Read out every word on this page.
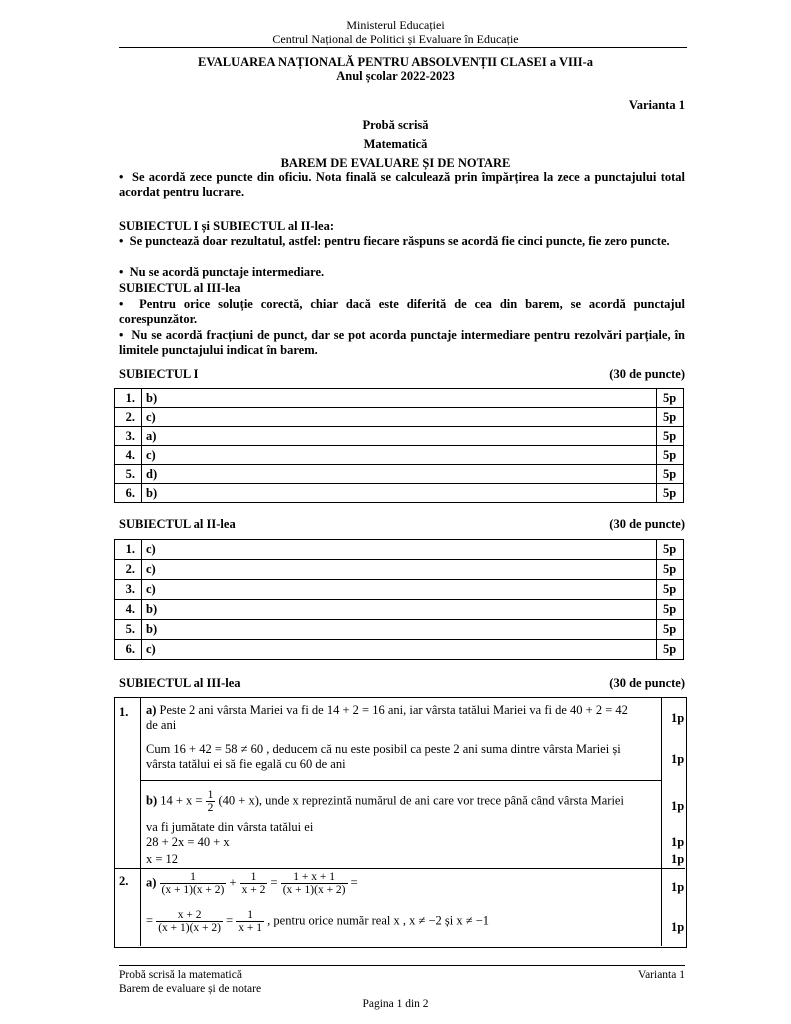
Ministerul Educației
Centrul Național de Politici și Evaluare în Educație
EVALUAREA NAȚIONALĂ PENTRU ABSOLVENȚII CLASEI a VIII-a
Anul școlar 2022-2023
Varianta 1
Probă scrisă
Matematică
BAREM DE EVALUARE ȘI DE NOTARE
•  Se acordă zece puncte din oficiu. Nota finală se calculează prin împărțirea la zece a punctajului total acordat pentru lucrare.
SUBIECTUL I și SUBIECTUL al II-lea:
•  Se punctează doar rezultatul, astfel: pentru fiecare răspuns se acordă fie cinci puncte, fie zero puncte.
•  Nu se acordă punctaje intermediare.
SUBIECTUL al III-lea
•  Pentru orice soluție corectă, chiar dacă este diferită de cea din barem, se acordă punctajul corespunzător.
•  Nu se acordă fracțiuni de punct, dar se pot acorda punctaje intermediare pentru rezolvări parțiale, în limitele punctajului indicat în barem.
SUBIECTUL I	(30 de puncte)
1.	b)	5p
2.	c)	5p
3.	a)	5p
4.	c)	5p
5.	d)	5p
6.	b)	5p
SUBIECTUL al II-lea	(30 de puncte)
1.	c)	5p
2.	c)	5p
3.	c)	5p
4.	b)	5p
5.	b)	5p
6.	c)	5p
SUBIECTUL al III-lea	(30 de puncte)
1. a) Peste 2 ani vârsta Mariei va fi de 14 + 2 = 16 ani, iar vârsta tatălui Mariei va fi de 40 + 2 = 42
de ani	1p
Cum 16 + 42 = 58 ≠ 60 , deducem că nu este posibil ca peste 2 ani suma dintre vârsta Mariei și
vârsta tatălui ei să fie egală cu 60 de ani	1p
b) $14 + x = \frac{1}{2} (40 + x)$, unde x reprezintă numărul de ani care vor trece până când vârsta Mariei
va fi jumătate din vârsta tatălui ei
1p
28 + 2x = 40 + x	1p
x = 12	1p
2. $a) \frac{1}{(x + 1)(x + 2)} + \frac{1}{x + 2} = \frac{1 + x + 1}{(x + 1)(x + 2)}$ =	1p
= $\frac{x + 2}{(x + 1)(x + 2)} = \frac{1}{x + 1}$ , pentru orice număr real x , x ≠ −2 și x ≠ −1	1p
Probă scrisă la matematică
Barem de evaluare și de notare
Varianta 1
Pagina 1 din 2
